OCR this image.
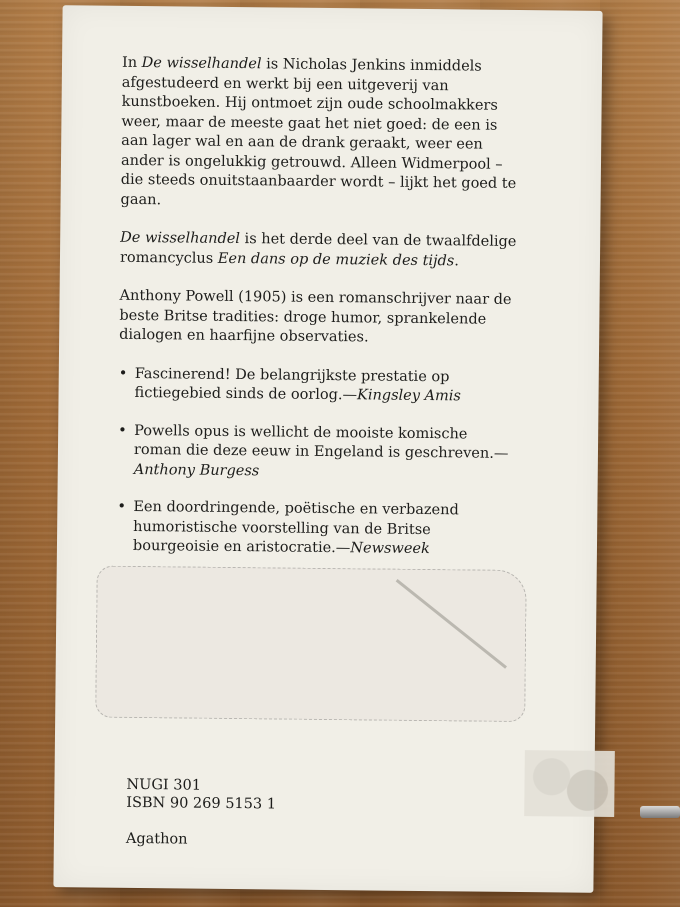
In De wisselhandel is Nicholas Jenkins inmiddels afgestudeerd en werkt bij een uitgeverij van kunstboeken. Hij ontmoet zijn oude schoolmakkers weer, maar de meeste gaat het niet goed: de een is aan lager wal en aan de drank geraakt, weer een ander is ongelukkig getrouwd. Alleen Widmerpool – die steeds onuitstaanbaarder wordt – lijkt het goed te gaan.

De wisselhandel is het derde deel van de twaalfdelige romancyclus Een dans op de muziek des tijds.

Anthony Powell (1905) is een romanschrijver naar de beste Britse tradities: droge humor, sprankelende dialogen en haarfijne observaties.

• Fascinerend! De belangrijkste prestatie op fictiegebied sinds de oorlog.—Kingsley Amis

• Powells opus is wellicht de mooiste komische roman die deze eeuw in Engeland is geschreven.—Anthony Burgess

• Een doordringende, poëtische en verbazend humoristische voorstelling van de Britse bourgeoisie en aristocratie.—Newsweek

NUGI 301
ISBN 90 269 5153 1
Agathon
